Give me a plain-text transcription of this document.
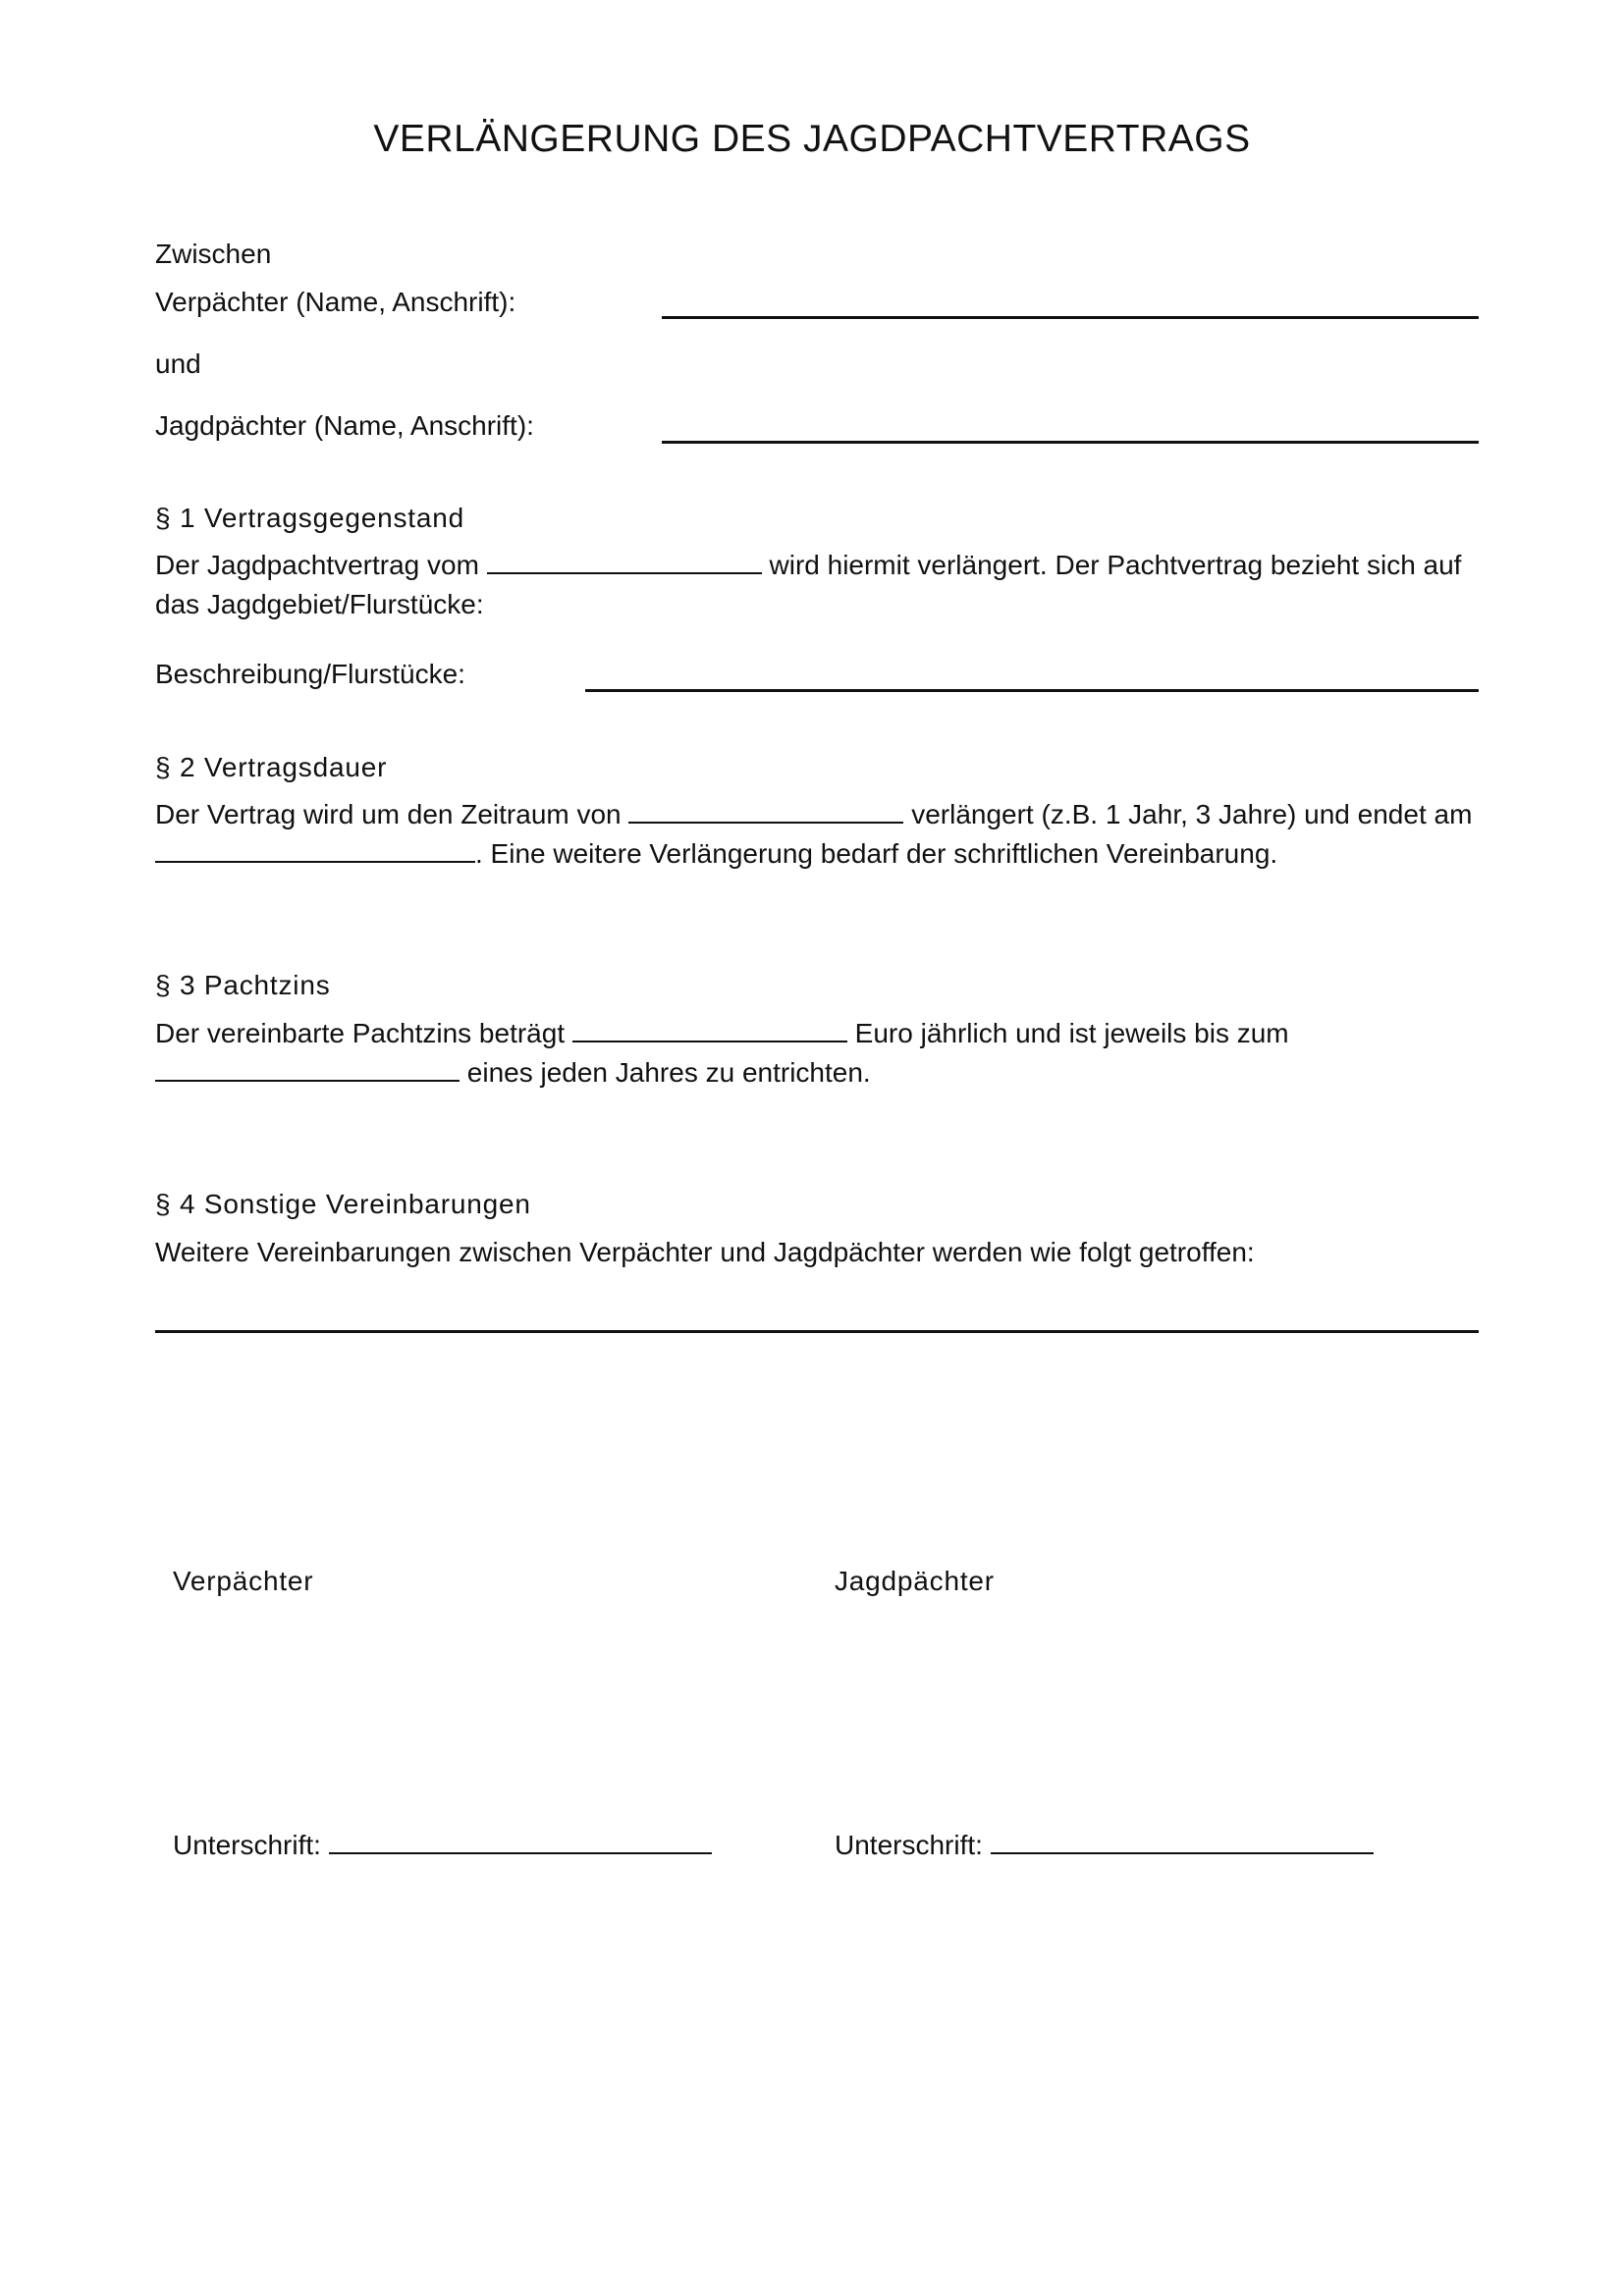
VERLÄNGERUNG DES JAGDPACHTVERTRAGS
Zwischen
Verpächter (Name, Anschrift):
und
Jagdpächter (Name, Anschrift):
§ 1 Vertragsgegenstand
Der Jagdpachtvertrag vom	wird hiermit verlängert. Der Pachtvertrag bezieht sich auf
das Jagdgebiet/Flurstücke:
Beschreibung/Flurstücke:
§ 2 Vertragsdauer
Der Vertrag wird um den Zeitraum von	verlängert (z.B. 1 Jahr, 3 Jahre) und endet am
. Eine weitere Verlängerung bedarf der schriftlichen Vereinbarung.
§ 3 Pachtzins
Der vereinbarte Pachtzins beträgt	Euro jährlich und ist jeweils bis zum
eines jeden Jahres zu entrichten.
§ 4 Sonstige Vereinbarungen
Weitere Vereinbarungen zwischen Verpächter und Jagdpächter werden wie folgt getroffen:
Verpächter	Jagdpächter
Unterschrift:	Unterschrift:
